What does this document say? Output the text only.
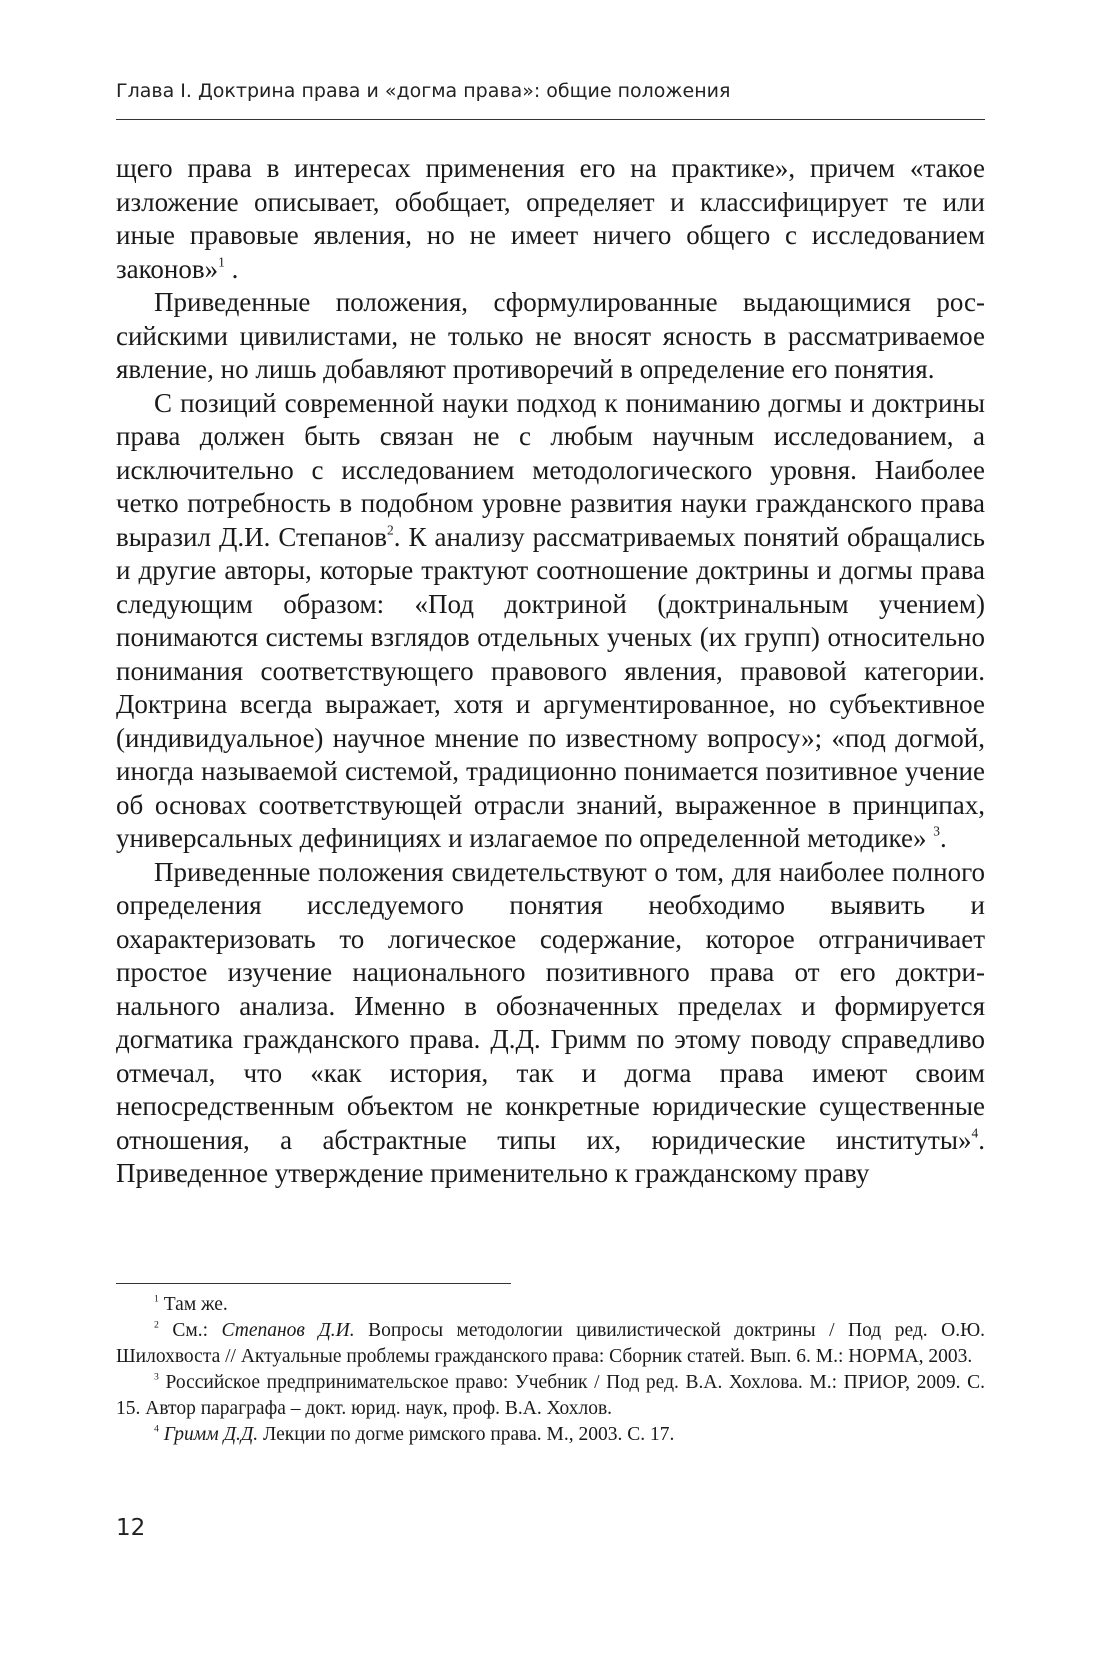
Глава I. Доктрина права и «догма права»: общие положения

щего права в интересах применения его на практике», причем «такое изложение описывает, обобщает, определяет и классифицирует те или иные правовые явления, но не имеет ничего общего с исследованием законов»$^1$ .

Приведенные положения, сформулированные выдающимися российскими цивилистами, не только не вносят ясность в рассматриваемое явление, но лишь добавляют противоречий в определение его понятия.

С позиций современной науки подход к пониманию догмы и доктрины права должен быть связан не с любым научным исследованием, а исключительно с исследованием методологического уровня. Наиболее четко потребность в подобном уровне развития науки гражданского права выразил Д.И. Степанов$^2$. К анализу рассматриваемых понятий обращались и другие авторы, которые трактуют соотношение доктрины и догмы права следующим образом: «Под доктриной (доктринальным учением) понимаются системы взглядов отдельных ученых (их групп) относительно понимания соответствующего правового явления, правовой категории. Доктрина всегда выражает, хотя и аргументированное, но субъективное (индивидуальное) научное мнение по известному вопросу»; «под догмой, иногда называемой системой, традиционно понимается позитивное учение об основах соответствующей отрасли знаний, выраженное в принципах, универсальных дефинициях и излагаемое по определенной методике» $^3$.

Приведенные положения свидетельствуют о том, для наиболее полного определения исследуемого понятия необходимо выявить и охарактеризовать то логическое содержание, которое отграничивает простое изучение национального позитивного права от его доктринального анализа. Именно в обозначенных пределах и формируется догматика гражданского права. Д.Д. Гримм по этому поводу справедливо отмечал, что «как история, так и догма права имеют своим непосредственным объектом не конкретные юридические существенные отношения, а абстрактные типы их, юридические институты»$^4$. Приведенное утверждение применительно к гражданскому праву

$^1$ Там же.

$^2$ См.: Степанов Д.И. Вопросы методологии цивилистической доктрины / Под ред. О.Ю. Шилохвоста // Актуальные проблемы гражданского права: Сборник статей. Вып. 6. М.: НОРМА, 2003.

$^3$ Российское предпринимательское право: Учебник / Под ред. В.А. Хохлова. М.: ПРИОР, 2009. С. 15. Автор параграфа – докт. юрид. наук, проф. В.А. Хохлов.

$^4$ Гримм Д.Д. Лекции по догме римского права. М., 2003. С. 17.

12
